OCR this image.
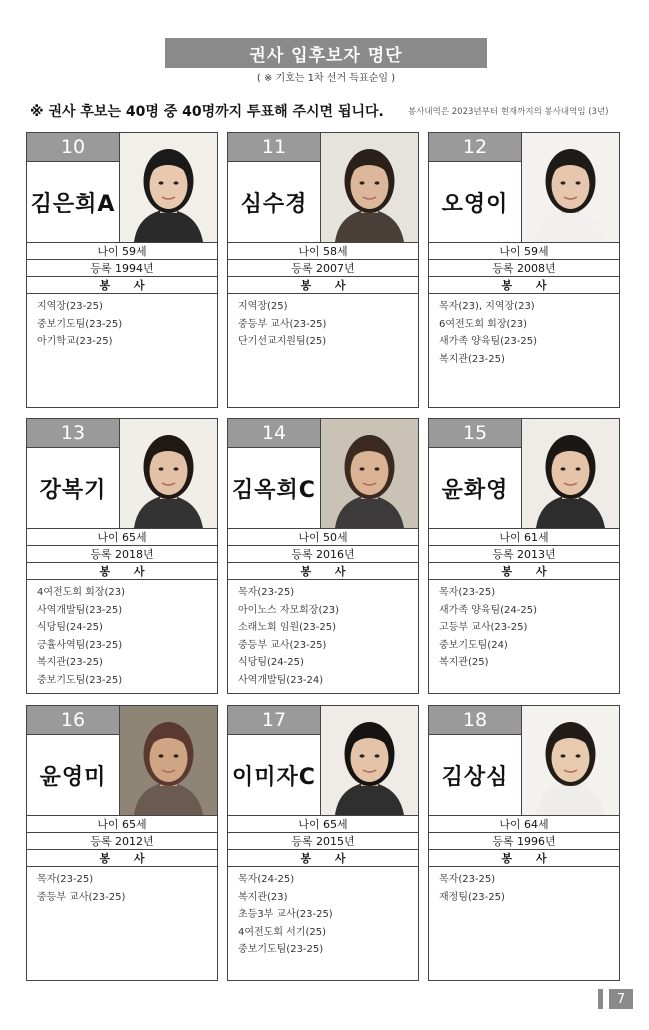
권사 입후보자 명단
( ※ 기호는 1차 선거 득표순임 )
※ 권사 후보는 40명 중 40명까지 투표해 주시면 됩니다.	봉사내역은 2023년부터 현재까지의 봉사내역임 (3년)
10
김은희A
나이 59세
등록 1994년
봉 사
지역장(23-25)
중보기도팀(23-25)
아기학교(23-25)
11
심수경
나이 58세
등록 2007년
봉 사
지역장(25)
중등부 교사(23-25)
단기선교지원팀(25)
12
오영이
나이 59세
등록 2008년
봉 사
목자(23), 지역장(23)
6여전도회 회장(23)
새가족 양육팀(23-25)
복지관(23-25)
13
강복기
나이 65세
등록 2018년
봉 사
4여전도회 회장(23)
사역개발팀(23-25)
식당팀(24-25)
긍휼사역팀(23-25)
복지관(23-25)
중보기도팀(23-25)
14
김옥희C
나이 50세
등록 2016년
봉 사
목자(23-25)
아이노스 자모회장(23)
소래노회 임원(23-25)
중등부 교사(23-25)
식당팀(24-25)
사역개발팀(23-24)
15
윤화영
나이 61세
등록 2013년
봉 사
목자(23-25)
새가족 양육팀(24-25)
고등부 교사(23-25)
중보기도팀(24)
복지관(25)
16
윤영미
나이 65세
등록 2012년
봉 사
목자(23-25)
중등부 교사(23-25)
17
이미자C
나이 65세
등록 2015년
봉 사
목자(24-25)
복지관(23)
초등3부 교사(23-25)
4여전도회 서기(25)
중보기도팀(23-25)
18
김상심
나이 64세
등록 1996년
봉 사
목자(23-25)
재정팀(23-25)
7
